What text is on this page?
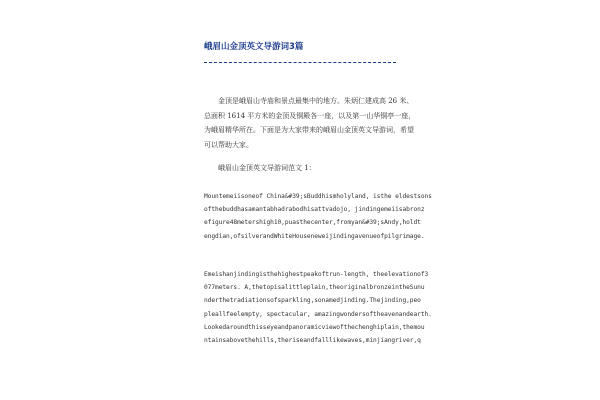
峨眉山金顶英文导游词3篇
金顶是峨眉山寺庙和景点最集中的地方。朱炳仁建成高 26 米、
总面积 1614 平方米的金顶及铜殿各一座，以及第一山华铜亭一座，
为峨眉精华所在。下面是为大家带来的峨眉山金顶英文导游词，希望
可以帮助大家。
峨眉山金顶英文导游词范文 1：
Mountemeiisoneof China&#39;sBuddhismholyland, isthe eldestsons
ofthebuddhasamantabhadrabodhisattvadojo, jindingemeiisabronz
efigure48metershigh10,puasthecenter,fromyan&#39;sAndy,holdt
engdian,ofsilverandWhiteHouseneweijindingavenueofpilgrimage.
Emeishanjindingisthehighestpeakoftrun-length, theelevationof3
077meters. A,thetopisalittleplain,theoriginalbronzeintheSunu
nderthetradiationsofsparkling,sonamedjinding.Thejinding,peo
pleallfeelempty, spectacular, amazingwondersoftheavenandearth.
Lookedaroundthisseyeandpanoramicviewofthechenghiplain,themou
ntainsabovethehills,theriseandfalllikewaves,minjiangriver,q
